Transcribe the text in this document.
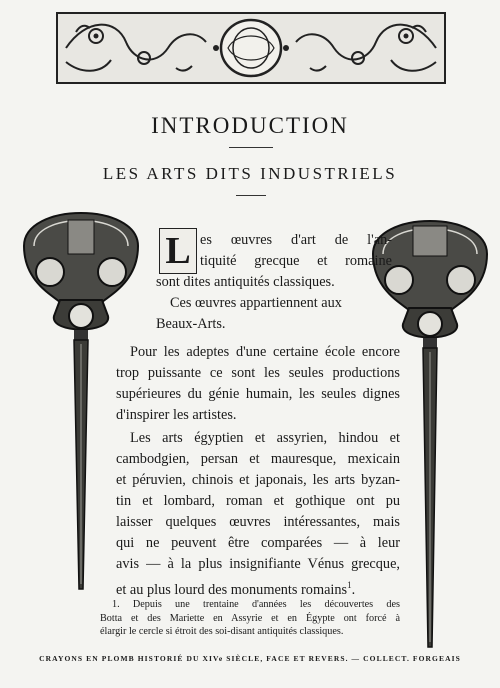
INTRODUCTION
LES ARTS DITS INDUSTRIELS
L es œuvres d'art de l'an-
tiquité grecque et romaine
sont dites antiquités classiques.
Ces œuvres appartiennent aux
Beaux-Arts.
Pour les adeptes d'une certaine école encore
trop puissante ce sont les seules productions
supérieures du génie humain, les seules dignes
d'inspirer les artistes.
Les arts égyptien et assyrien, hindou et
cambodgien, persan et mauresque, mexicain
et péruvien, chinois et japonais, les arts byzan-
tin et lombard, roman et gothique ont pu
laisser quelques œuvres intéressantes, mais
qui ne peuvent être comparées — à leur
avis — à la plus insignifiante Vénus grecque,
et au plus lourd des monuments romains$^1$.
1. Depuis une trentaine d'années les découvertes des
Botta et des Mariette en Assyrie et en Égypte ont forcé à
élargir le cercle si étroit des soi-disant antiquités classiques.
CRAYONS EN PLOMB HISTORIÉ DU XIVe SIÈCLE, FACE ET REVERS. — COLLECT. FORGEAIS
